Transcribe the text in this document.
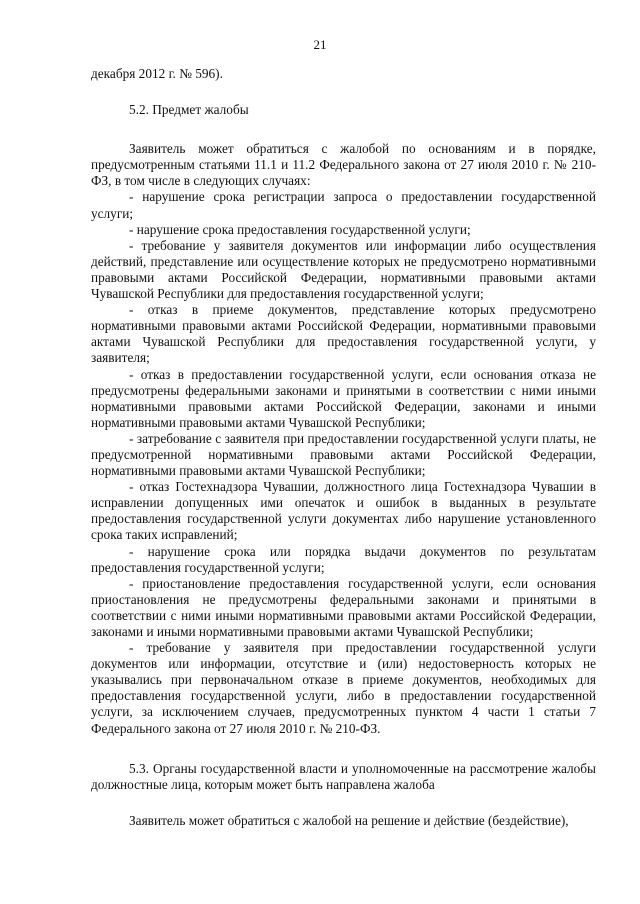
21

декабря 2012 г. № 596).

5.2. Предмет жалобы

Заявитель может обратиться с жалобой по основаниям и в порядке, предусмотренным статьями 11.1 и 11.2 Федерального закона от 27 июля 2010 г. № 210-ФЗ, в том числе в следующих случаях:

- нарушение срока регистрации запроса о предоставлении государственной услуги;

- нарушение срока предоставления государственной услуги;

- требование у заявителя документов или информации либо осуществления действий, представление или осуществление которых не предусмотрено нормативными правовыми актами Российской Федерации, нормативными правовыми актами Чувашской Республики для предоставления государственной услуги;

- отказ в приеме документов, представление которых предусмотрено нормативными правовыми актами Российской Федерации, нормативными правовыми актами Чувашской Республики для предоставления государственной услуги, у заявителя;

- отказ в предоставлении государственной услуги, если основания отказа не предусмотрены федеральными законами и принятыми в соответствии с ними иными нормативными правовыми актами Российской Федерации, законами и иными нормативными правовыми актами Чувашской Республики;

- затребование с заявителя при предоставлении государственной услуги платы, не предусмотренной нормативными правовыми актами Российской Федерации, нормативными правовыми актами Чувашской Республики;

- отказ Гостехнадзора Чувашии, должностного лица Гостехнадзора Чувашии в исправлении допущенных ими опечаток и ошибок в выданных в результате предоставления государственной услуги документах либо нарушение установленного срока таких исправлений;

- нарушение срока или порядка выдачи документов по результатам предоставления государственной услуги;

- приостановление предоставления государственной услуги, если основания приостановления не предусмотрены федеральными законами и принятыми в соответствии с ними иными нормативными правовыми актами Российской Федерации, законами и иными нормативными правовыми актами Чувашской Республики;

- требование у заявителя при предоставлении государственной услуги документов или информации, отсутствие и (или) недостоверность которых не указывались при первоначальном отказе в приеме документов, необходимых для предоставления государственной услуги, либо в предоставлении государственной услуги, за исключением случаев, предусмотренных пунктом 4 части 1 статьи 7 Федерального закона от 27 июля 2010 г. № 210-ФЗ.

5.3. Органы государственной власти и уполномоченные на рассмотрение жалобы должностные лица, которым может быть направлена жалоба

Заявитель может обратиться с жалобой на решение и действие (бездействие),
